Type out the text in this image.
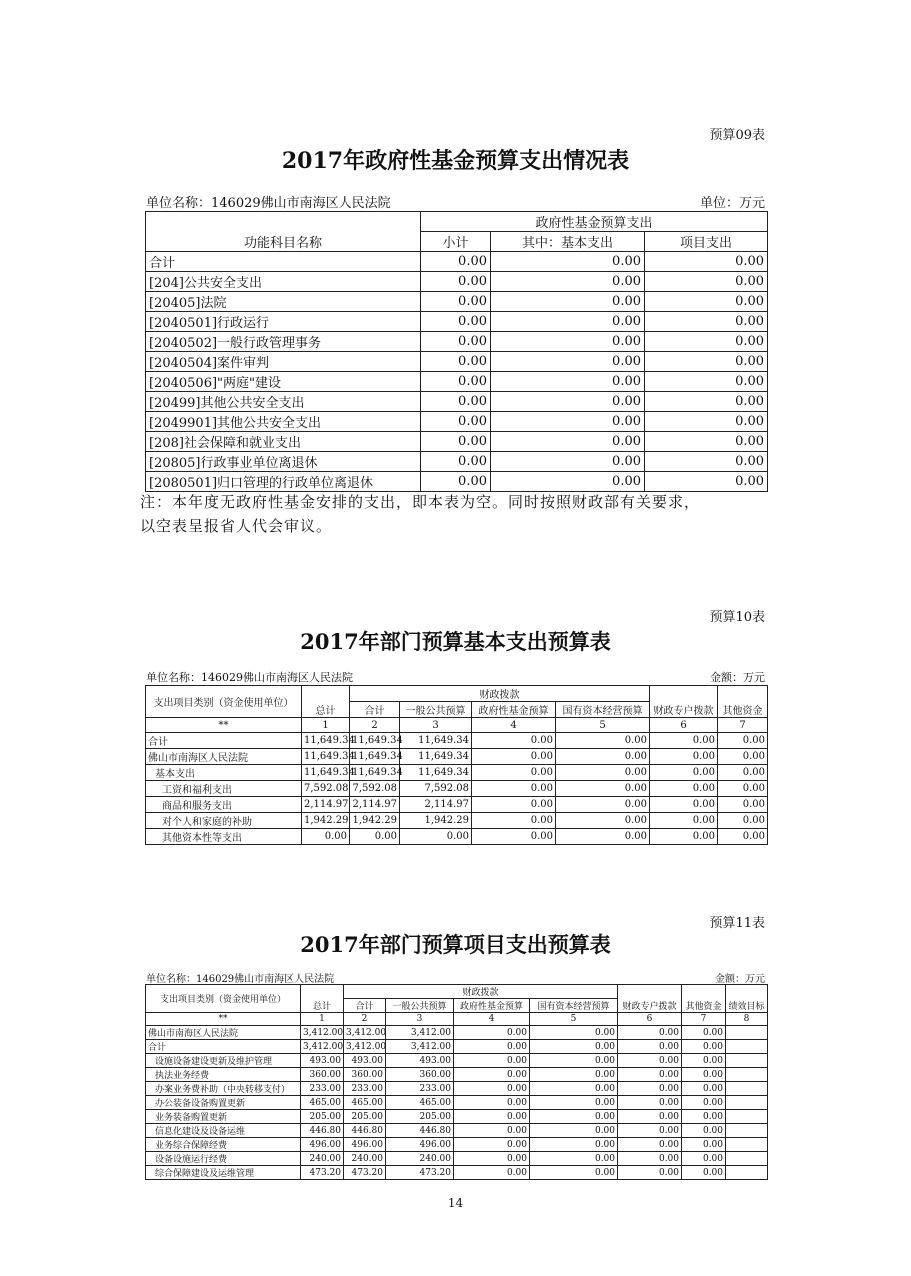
预算09表
2017年政府性基金预算支出情况表
单位名称：146029佛山市南海区人民法院	单位：万元
功能科目名称	政府性基金预算支出		
	小计	其中：基本支出	项目支出
合计	0.00	0.00	0.00
[204]公共安全支出	0.00	0.00	0.00
[20405]法院	0.00	0.00	0.00
[2040501]行政运行	0.00	0.00	0.00
[2040502]一般行政管理事务	0.00	0.00	0.00
[2040504]案件审判	0.00	0.00	0.00
[2040506]"两庭"建设	0.00	0.00	0.00
[20499]其他公共安全支出	0.00	0.00	0.00
[2049901]其他公共安全支出	0.00	0.00	0.00
[208]社会保障和就业支出	0.00	0.00	0.00
[20805]行政事业单位离退休	0.00	0.00	0.00
[2080501]归口管理的行政单位离退休	0.00	0.00	0.00
注：本年度无政府性基金安排的支出，即本表为空。同时按照财政部有关要求，
以空表呈报省人代会审议。
预算10表
2017年部门预算基本支出预算表
单位名称：146029佛山市南海区人民法院	金额：万元
支出项目类别（资金使用单位）	总计	财政拨款				财政专户拨款	其他资金
		合计	一般公共预算	政府性基金预算	国有资本经营预算		
**	1	2	3	4	5	6	7
合计	11,649.34	11,649.34	11,649.34	0.00	0.00	0.00	0.00
佛山市南海区人民法院	11,649.34	11,649.34	11,649.34	0.00	0.00	0.00	0.00
基本支出	11,649.34	11,649.34	11,649.34	0.00	0.00	0.00	0.00
工资和福利支出	7,592.08	7,592.08	7,592.08	0.00	0.00	0.00	0.00
商品和服务支出	2,114.97	2,114.97	2,114.97	0.00	0.00	0.00	0.00
对个人和家庭的补助	1,942.29	1,942.29	1,942.29	0.00	0.00	0.00	0.00
其他资本性等支出	0.00	0.00	0.00	0.00	0.00	0.00	0.00
预算11表
2017年部门预算项目支出预算表
单位名称：146029佛山市南海区人民法院	金额：万元
支出项目类别（资金使用单位）	总计	财政拨款				财政专户拨款	其他资金	绩效目标
		合计	一般公共预算	政府性基金预算	国有资本经营预算			
**	1	2	3	4	5	6	7	8
佛山市南海区人民法院	3,412.00	3,412.00	3,412.00	0.00	0.00	0.00	0.00	
合计	3,412.00	3,412.00	3,412.00	0.00	0.00	0.00	0.00	
设施设备建设更新及维护管理	493.00	493.00	493.00	0.00	0.00	0.00	0.00	
执法业务经费	360.00	360.00	360.00	0.00	0.00	0.00	0.00	
办案业务费补助（中央转移支付）	233.00	233.00	233.00	0.00	0.00	0.00	0.00	
办公装备设备购置更新	465.00	465.00	465.00	0.00	0.00	0.00	0.00	
业务装备购置更新	205.00	205.00	205.00	0.00	0.00	0.00	0.00	
信息化建设及设备运维	446.80	446.80	446.80	0.00	0.00	0.00	0.00	
业务综合保障经费	496.00	496.00	496.00	0.00	0.00	0.00	0.00	
设备设施运行经费	240.00	240.00	240.00	0.00	0.00	0.00	0.00	
综合保障建设及运维管理	473.20	473.20	473.20	0.00	0.00	0.00	0.00	
14
